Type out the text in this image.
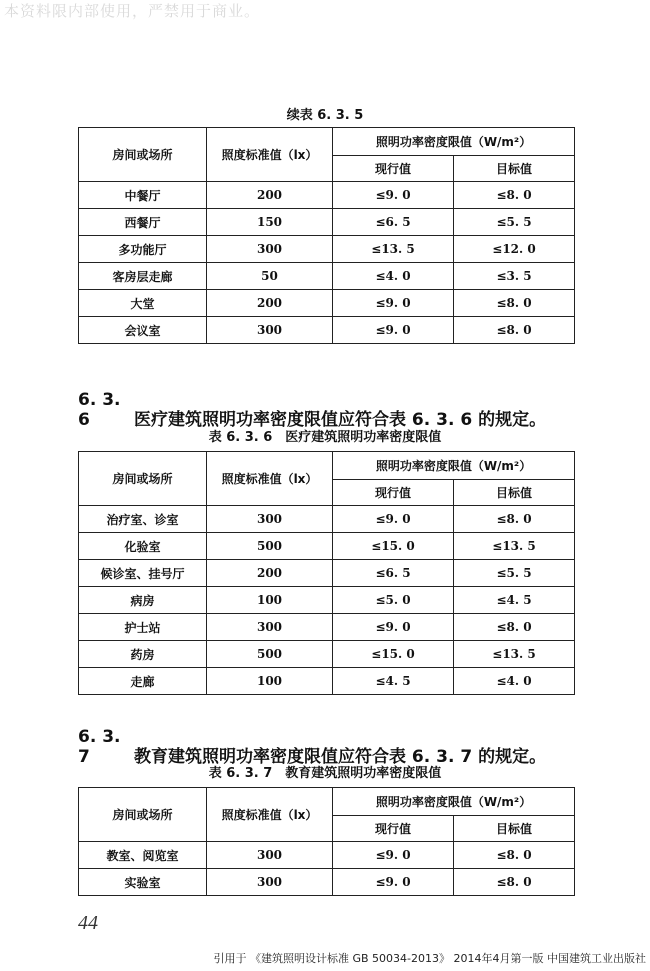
本资料限内部使用，严禁用于商业。
续表 6. 3. 5
房间或场所	照度标准值（lx）	照明功率密度限值（W/m²）	
		现行值	目标值
中餐厅	200	≤9. 0	≤8. 0
西餐厅	150	≤6. 5	≤5. 5
多功能厅	300	≤13. 5	≤12. 0
客房层走廊	50	≤4. 0	≤3. 5
大堂	200	≤9. 0	≤8. 0
会议室	300	≤9. 0	≤8. 0
6. 3. 6	医疗建筑照明功率密度限值应符合表 6. 3. 6 的规定。
表 6. 3. 6　医疗建筑照明功率密度限值
房间或场所	照度标准值（lx）	照明功率密度限值（W/m²）	
		现行值	目标值
治疗室、诊室	300	≤9. 0	≤8. 0
化验室	500	≤15. 0	≤13. 5
候诊室、挂号厅	200	≤6. 5	≤5. 5
病房	100	≤5. 0	≤4. 5
护士站	300	≤9. 0	≤8. 0
药房	500	≤15. 0	≤13. 5
走廊	100	≤4. 5	≤4. 0
6. 3. 7	教育建筑照明功率密度限值应符合表 6. 3. 7 的规定。
表 6. 3. 7　教育建筑照明功率密度限值
房间或场所	照度标准值（lx）	照明功率密度限值（W/m²）	
		现行值	目标值
教室、阅览室	300	≤9. 0	≤8. 0
实验室	300	≤9. 0	≤8. 0
44
引用于 《建筑照明设计标准 GB 50034-2013》 2014年4月第一版 中国建筑工业出版社
